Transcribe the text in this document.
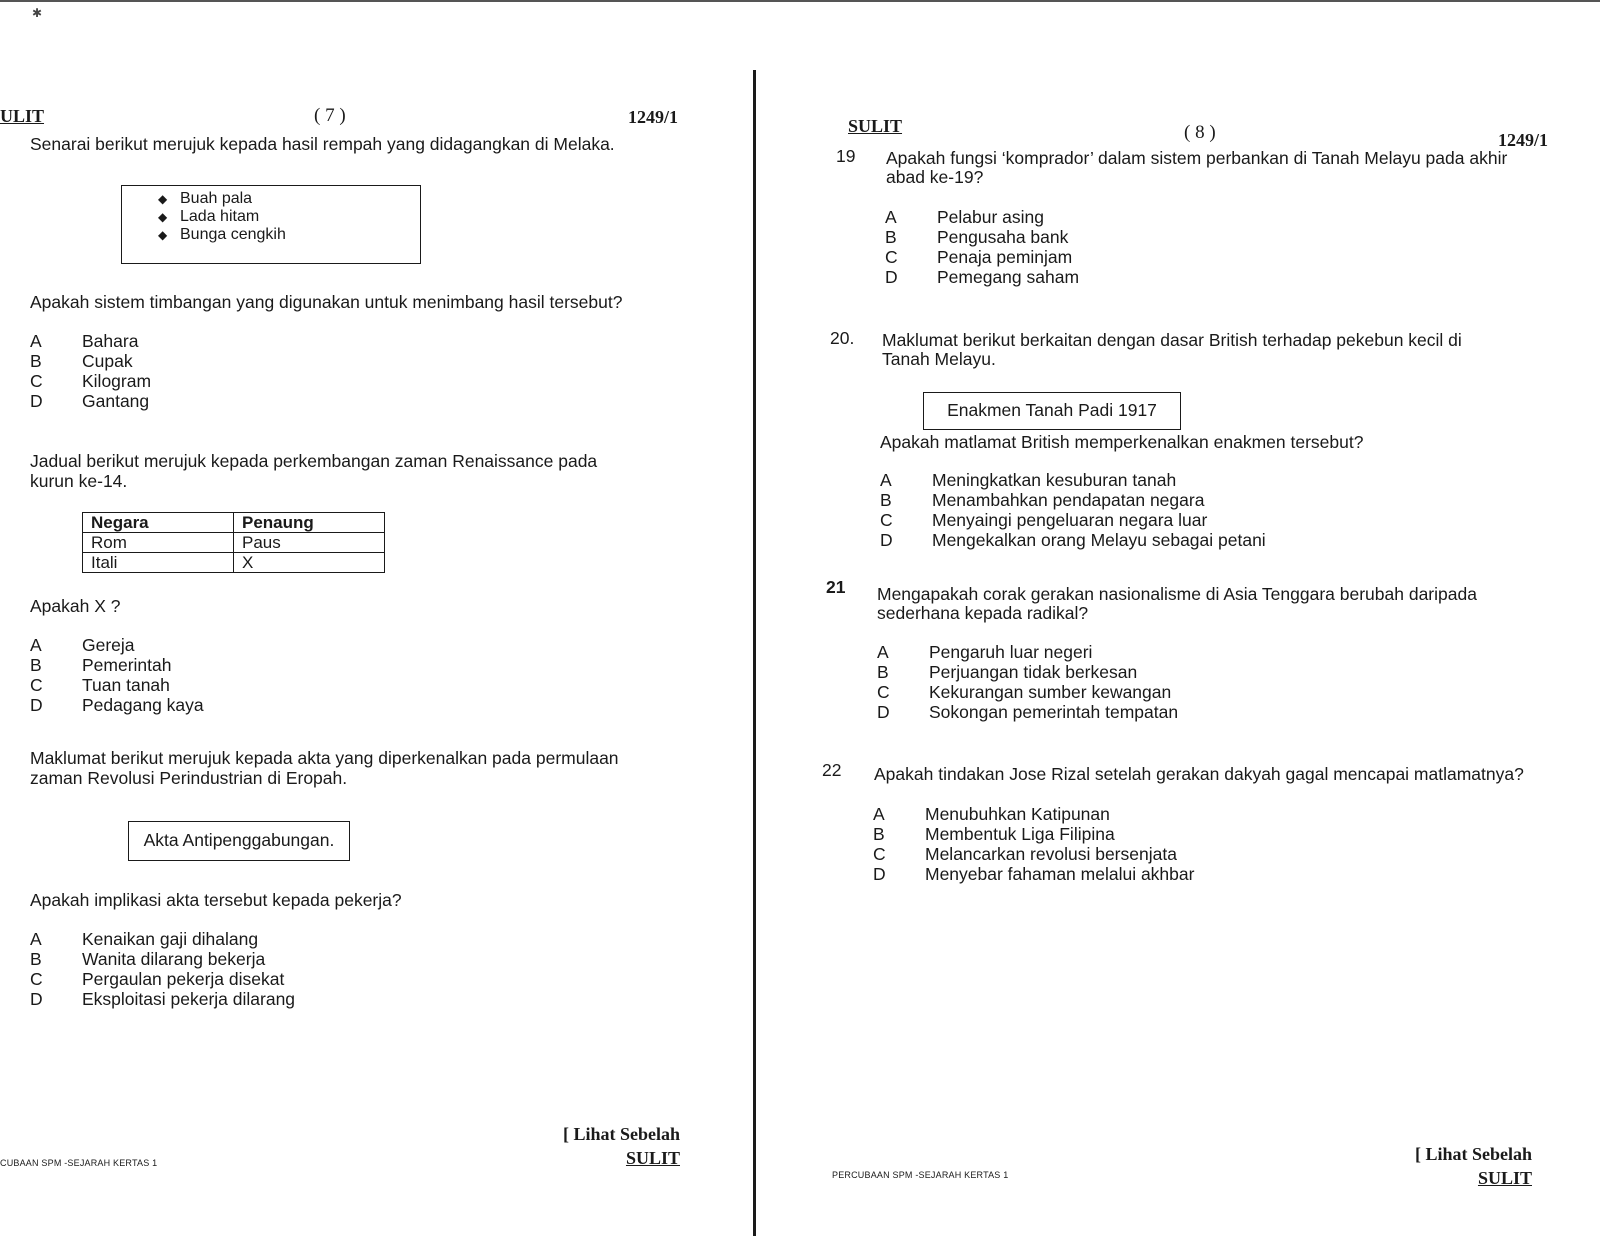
✱
ULIT	( 7 )	1249/1
Senarai berikut merujuk kepada hasil rempah yang didagangkan di Melaka.
◆ Buah pala
◆ Lada hitam
◆ Bunga cengkih
Apakah sistem timbangan yang digunakan untuk menimbang hasil tersebut?
A	Bahara
B	Cupak
C	Kilogram
D	Gantang
Jadual berikut merujuk kepada perkembangan zaman Renaissance pada
kurun ke-14.
Negara	Penaung
Rom	Paus
Itali	X
Apakah X ?
A	Gereja
B	Pemerintah
C	Tuan tanah
D	Pedagang kaya
Maklumat berikut merujuk kepada akta yang diperkenalkan pada permulaan
zaman Revolusi Perindustrian di Eropah.
Akta Antipenggabungan.
Apakah implikasi akta tersebut kepada pekerja?
A	Kenaikan gaji dihalang
B	Wanita dilarang bekerja
C	Pergaulan pekerja disekat
D	Eksploitasi pekerja dilarang
CUBAAN SPM -SEJARAH KERTAS 1
[ Lihat Sebelah
SULIT
SULIT	( 8 )	1249/1
19 Apakah fungsi ‘komprador’ dalam sistem perbankan di Tanah Melayu pada akhir
abad ke-19?
A	Pelabur asing
B	Pengusaha bank
C	Penaja peminjam
D	Pemegang saham
20. Maklumat berikut berkaitan dengan dasar British terhadap pekebun kecil di
Tanah Melayu.
Enakmen Tanah Padi 1917
Apakah matlamat British memperkenalkan enakmen tersebut?
A	Meningkatkan kesuburan tanah
B	Menambahkan pendapatan negara
C	Menyaingi pengeluaran negara luar
D	Mengekalkan orang Melayu sebagai petani
21 Mengapakah corak gerakan nasionalisme di Asia Tenggara berubah daripada
sederhana kepada radikal?
A	Pengaruh luar negeri
B	Perjuangan tidak berkesan
C	Kekurangan sumber kewangan
D	Sokongan pemerintah tempatan
22 Apakah tindakan Jose Rizal setelah gerakan dakyah gagal mencapai matlamatnya?
A	Menubuhkan Katipunan
B	Membentuk Liga Filipina
C	Melancarkan revolusi bersenjata
D	Menyebar fahaman melalui akhbar
PERCUBAAN SPM -SEJARAH KERTAS 1
[ Lihat Sebelah
SULIT
